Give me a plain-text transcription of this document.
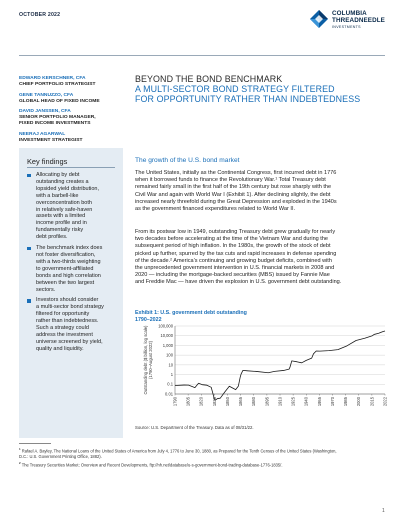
OCTOBER 2022	COLUMBIA
THREADNEEDLE
INVESTMENTS
EDWARD KERSCHNER, CFA
CHIEF PORTFOLIO STRATEGIST
GENE TANNUZZO, CFA
GLOBAL HEAD OF FIXED INCOME
DAVID JANSSEN, CFA
SENIOR PORTFOLIO MANAGER,
FIXED INCOME INVESTMENTS
NEERAJ AGARWAL
INVESTMENT STRATEGIST
BEYOND THE BOND BENCHMARK
A MULTI-SECTOR BOND STRATEGY FILTERED
FOR OPPORTUNITY RATHER THAN INDEBTEDNESS
Key findings
Allocating by debt
outstanding creates a
lopsided yield distribution,
with a barbell-like
overconcentration both
in relatively safe-haven
assets with a limited
income profile and in
fundamentally risky
debt profiles.
The benchmark index does
not foster diversification,
with a two-thirds weighting
to government-affiliated
bonds and high correlation
between the two largest
sectors.
Investors should consider
a multi-sector bond strategy
filtered for opportunity
rather than indebtedness.
Such a strategy could
address the investment
universe screened by yield,
quality and liquidity.
The growth of the U.S. bond market
The United States, initially as the Continental Congress, first incurred debt in 1776
when it borrowed funds to finance the Revolutionary War.¹ Total Treasury debt
remained fairly small in the first half of the 19th century but rose sharply with the
Civil War and again with World War I (Exhibit 1). After declining slightly, the debt
increased nearly threefold during the Great Depression and exploded in the 1940s
as the government financed expenditures related to World War II.
From its postwar low in 1949, outstanding Treasury debt grew gradually for nearly
two decades before accelerating at the time of the Vietnam War and during the
subsequent period of high inflation. In the 1980s, the growth of the stock of debt
picked up further, spurred by the tax cuts and rapid increases in defense spending
of the decade.² America’s continuing and growing budget deficits, combined with
the unprecedented government intervention in U.S. financial markets in 2008 and
2020 — including the mortgage-backed securities (MBS) issued by Fannie Mae
and Freddie Mac — have driven the explosion in U.S. government debt outstanding.
Exhibit 1: U.S. government debt outstanding
1790–2022
0.01
0.1
1
10
100
1,000
10,000
100,000
1790 1805 1820 1835 1850 1865 1880 1895 1910 1925 1940 1955 1970 1985 2000 2015 2022
Outstanding debt ($ billion, log scale) (1790–August 2022)
Source: U.S. Department of the Treasury. Data as of 08/31/22.
$^1$ Rafael A. Bayley, The National Loans of the United States of America from July 4, 1776 to June 30, 1880, as Prepared for the Tenth Census of the United States (Washington,
D.C.: U.S. Government Printing Office, 1882).
$^2$ The Treasury Securities Market: Overview and Recent Developments, ftp://nh.net/database/u-s-government-bond-trading-database-1776-1835/.
1
